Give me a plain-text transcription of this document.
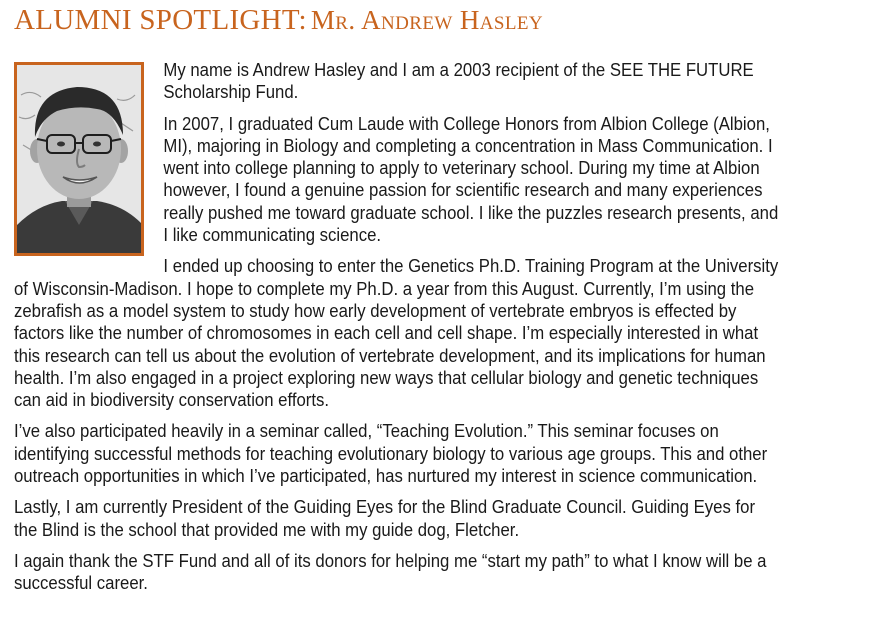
ALUMNI SPOTLIGHT: Mr. Andrew Hasley

My name is Andrew Hasley and I am a 2003 recipient of the SEE THE FUTURE Scholarship Fund.

In 2007, I graduated Cum Laude with College Honors from Albion College (Albion, MI), majoring in Biology and completing a concentration in Mass Communication. I went into college planning to apply to veterinary school. During my time at Albion however, I found a genuine passion for scientific research and many experiences really pushed me toward graduate school. I like the puzzles research presents, and I like communicating science.

I ended up choosing to enter the Genetics Ph.D. Training Program at the University of Wisconsin-Madison. I hope to complete my Ph.D. a year from this August. Currently, I’m using the zebrafish as a model system to study how early development of vertebrate embryos is effected by factors like the number of chromosomes in each cell and cell shape. I’m especially interested in what this research can tell us about the evolution of vertebrate development, and its implications for human health. I’m also engaged in a project exploring new ways that cellular biology and genetic techniques can aid in biodiversity conservation efforts.

I’ve also participated heavily in a seminar called, “Teaching Evolution.” This seminar focuses on identifying successful methods for teaching evolutionary biology to various age groups. This and other outreach opportunities in which I’ve participated, has nurtured my interest in science communication.

Lastly, I am currently President of the Guiding Eyes for the Blind Graduate Council. Guiding Eyes for the Blind is the school that provided me with my guide dog, Fletcher.

I again thank the STF Fund and all of its donors for helping me “start my path” to what I know will be a successful career.
